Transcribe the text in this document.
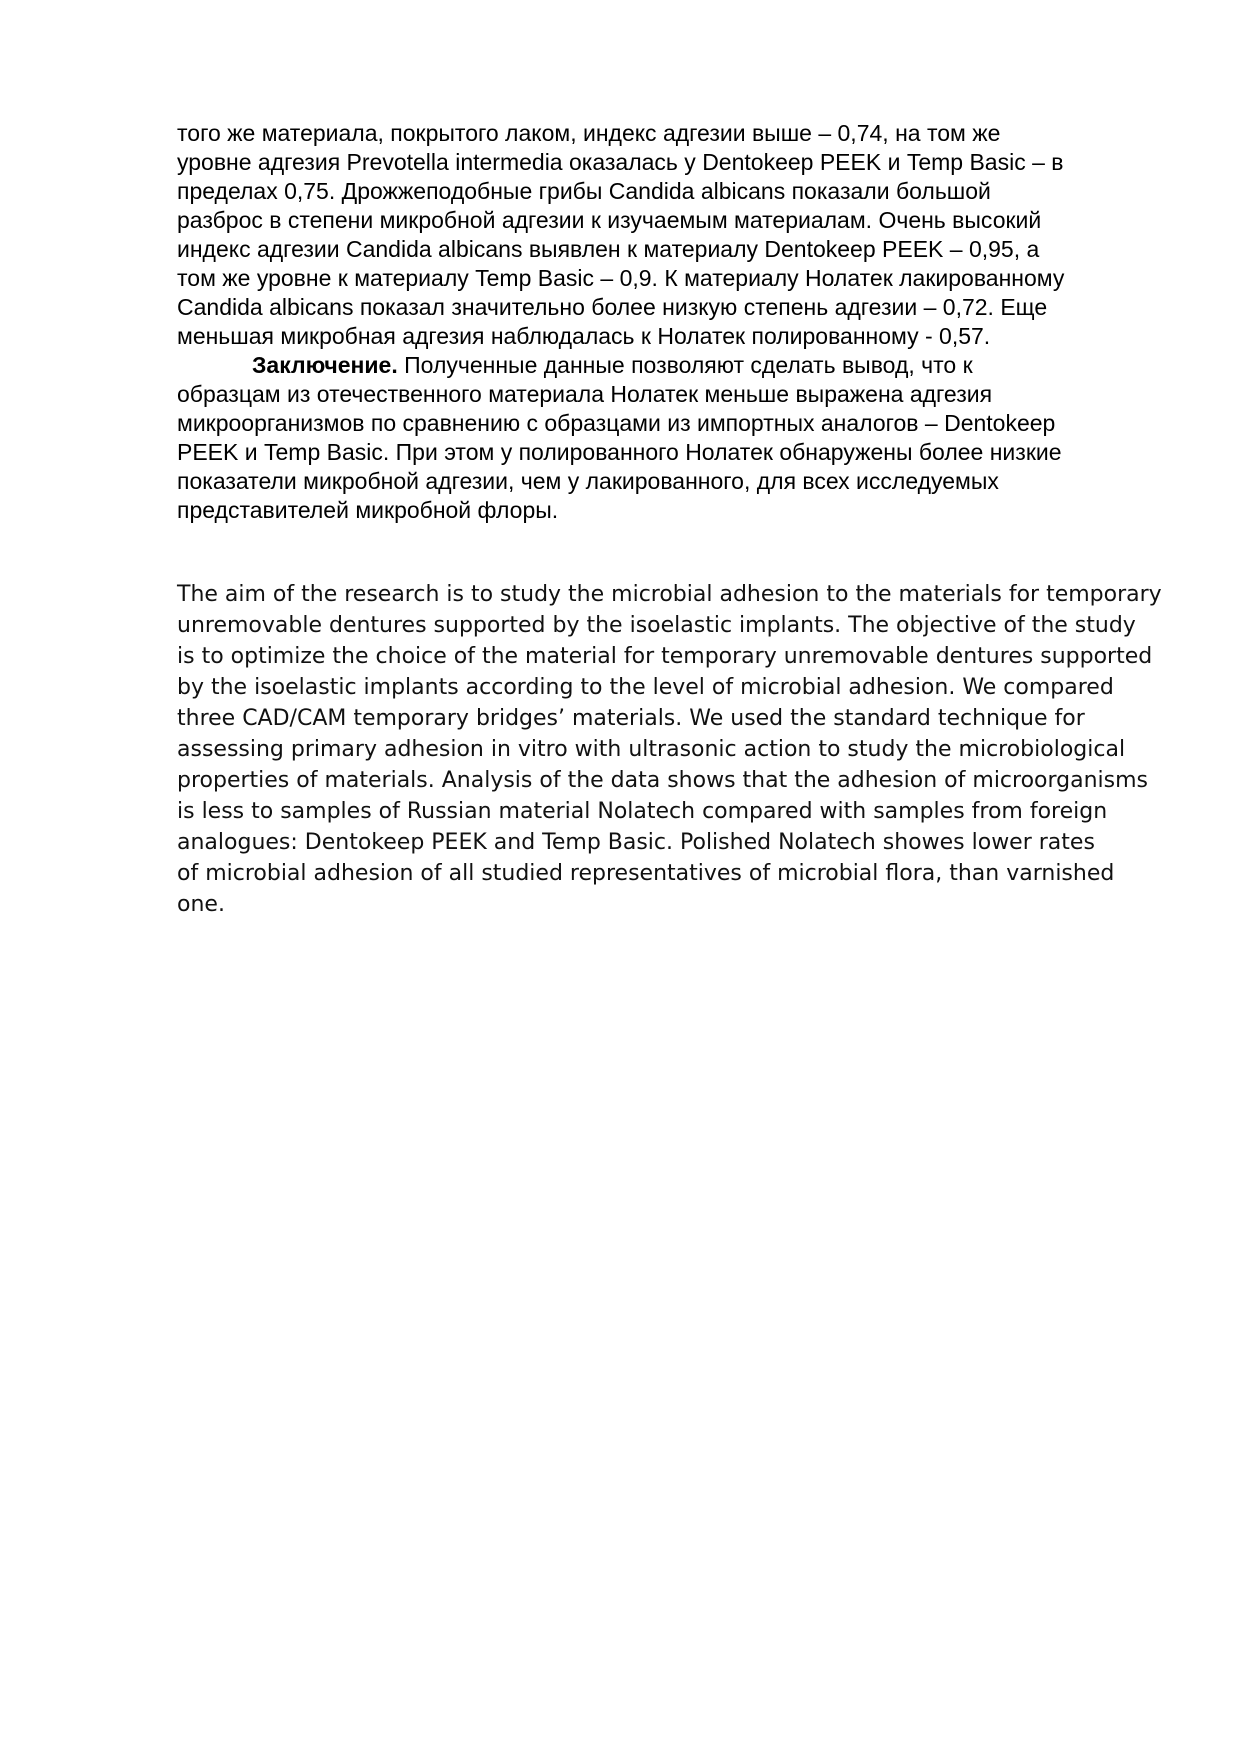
того же материала, покрытого лаком, индекс адгезии выше – 0,74, на том же
уровне адгезия Prevotella intermedia оказалась у Dentokeep PEEK и Temp Basic – в
пределах 0,75. Дрожжеподобные грибы Candida albicans показали большой
разброс в степени микробной адгезии к изучаемым материалам. Очень высокий
индекс адгезии Candida albicans выявлен к материалу Dentokeep PEEK – 0,95, а
том же уровне к материалу Temp Basic – 0,9. К материалу Нолатек лакированному
Candida albicans показал значительно более низкую степень адгезии – 0,72. Еще
меньшая микробная адгезия наблюдалась к Нолатек полированному - 0,57.
Заключение. Полученные данные позволяют сделать вывод, что к
образцам из отечественного материала Нолатек меньше выражена адгезия
микроорганизмов по сравнению с образцами из импортных аналогов – Dentokeep
PEEK и Temp Basic. При этом у полированного Нолатек обнаружены более низкие
показатели микробной адгезии, чем у лакированного, для всех исследуемых
представителей микробной флоры.
The aim of the research is to study the microbial adhesion to the materials for temporary
unremovable dentures supported by the isoelastic implants. The objective of the study
is to optimize the choice of the material for temporary unremovable dentures supported
by the isoelastic implants according to the level of microbial adhesion. We compared
three CAD/CAM temporary bridges’ materials. We used the standard technique for
assessing primary adhesion in vitro with ultrasonic action to study the microbiological
properties of materials. Analysis of the data shows that the adhesion of microorganisms
is less to samples of Russian material Nolatech compared with samples from foreign
analogues: Dentokeep PEEK and Temp Basic. Polished Nolatech showes lower rates
of microbial adhesion of all studied representatives of microbial flora, than varnished
one.
